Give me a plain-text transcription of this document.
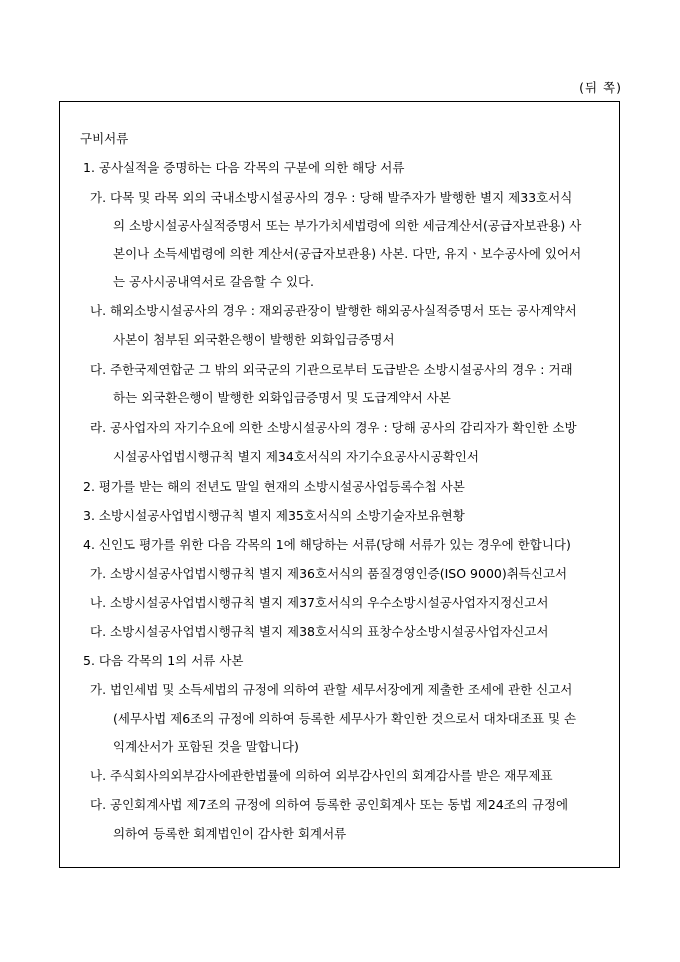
(뒤 쪽)
구비서류
1. 공사실적을 증명하는 다음 각목의 구분에 의한 해당 서류
가. 다목 및 라목 외의 국내소방시설공사의 경우 : 당해 발주자가 발행한 별지 제33호서식
의 소방시설공사실적증명서 또는 부가가치세법령에 의한 세금계산서(공급자보관용) 사
본이나 소득세법령에 의한 계산서(공급자보관용) 사본. 다만, 유지ㆍ보수공사에 있어서
는 공사시공내역서로 갈음할 수 있다.
나. 해외소방시설공사의 경우 : 재외공관장이 발행한 해외공사실적증명서 또는 공사계약서
사본이 첨부된 외국환은행이 발행한 외화입금증명서
다. 주한국제연합군 그 밖의 외국군의 기관으로부터 도급받은 소방시설공사의 경우 : 거래
하는 외국환은행이 발행한 외화입금증명서 및 도급계약서 사본
라. 공사업자의 자기수요에 의한 소방시설공사의 경우 : 당해 공사의 감리자가 확인한 소방
시설공사업법시행규칙 별지 제34호서식의 자기수요공사시공확인서
2. 평가를 받는 해의 전년도 말일 현재의 소방시설공사업등록수첩 사본
3. 소방시설공사업법시행규칙 별지 제35호서식의 소방기술자보유현황
4. 신인도 평가를 위한 다음 각목의 1에 해당하는 서류(당해 서류가 있는 경우에 한합니다)
가. 소방시설공사업법시행규칙 별지 제36호서식의 품질경영인증(ISO 9000)취득신고서
나. 소방시설공사업법시행규칙 별지 제37호서식의 우수소방시설공사업자지정신고서
다. 소방시설공사업법시행규칙 별지 제38호서식의 표창수상소방시설공사업자신고서
5. 다음 각목의 1의 서류 사본
가. 법인세법 및 소득세법의 규정에 의하여 관할 세무서장에게 제출한 조세에 관한 신고서
(세무사법 제6조의 규정에 의하여 등록한 세무사가 확인한 것으로서 대차대조표 및 손
익계산서가 포함된 것을 말합니다)
나. 주식회사의외부감사에관한법률에 의하여 외부감사인의 회계감사를 받은 재무제표
다. 공인회계사법 제7조의 규정에 의하여 등록한 공인회계사 또는 동법 제24조의 규정에
의하여 등록한 회계법인이 감사한 회계서류
